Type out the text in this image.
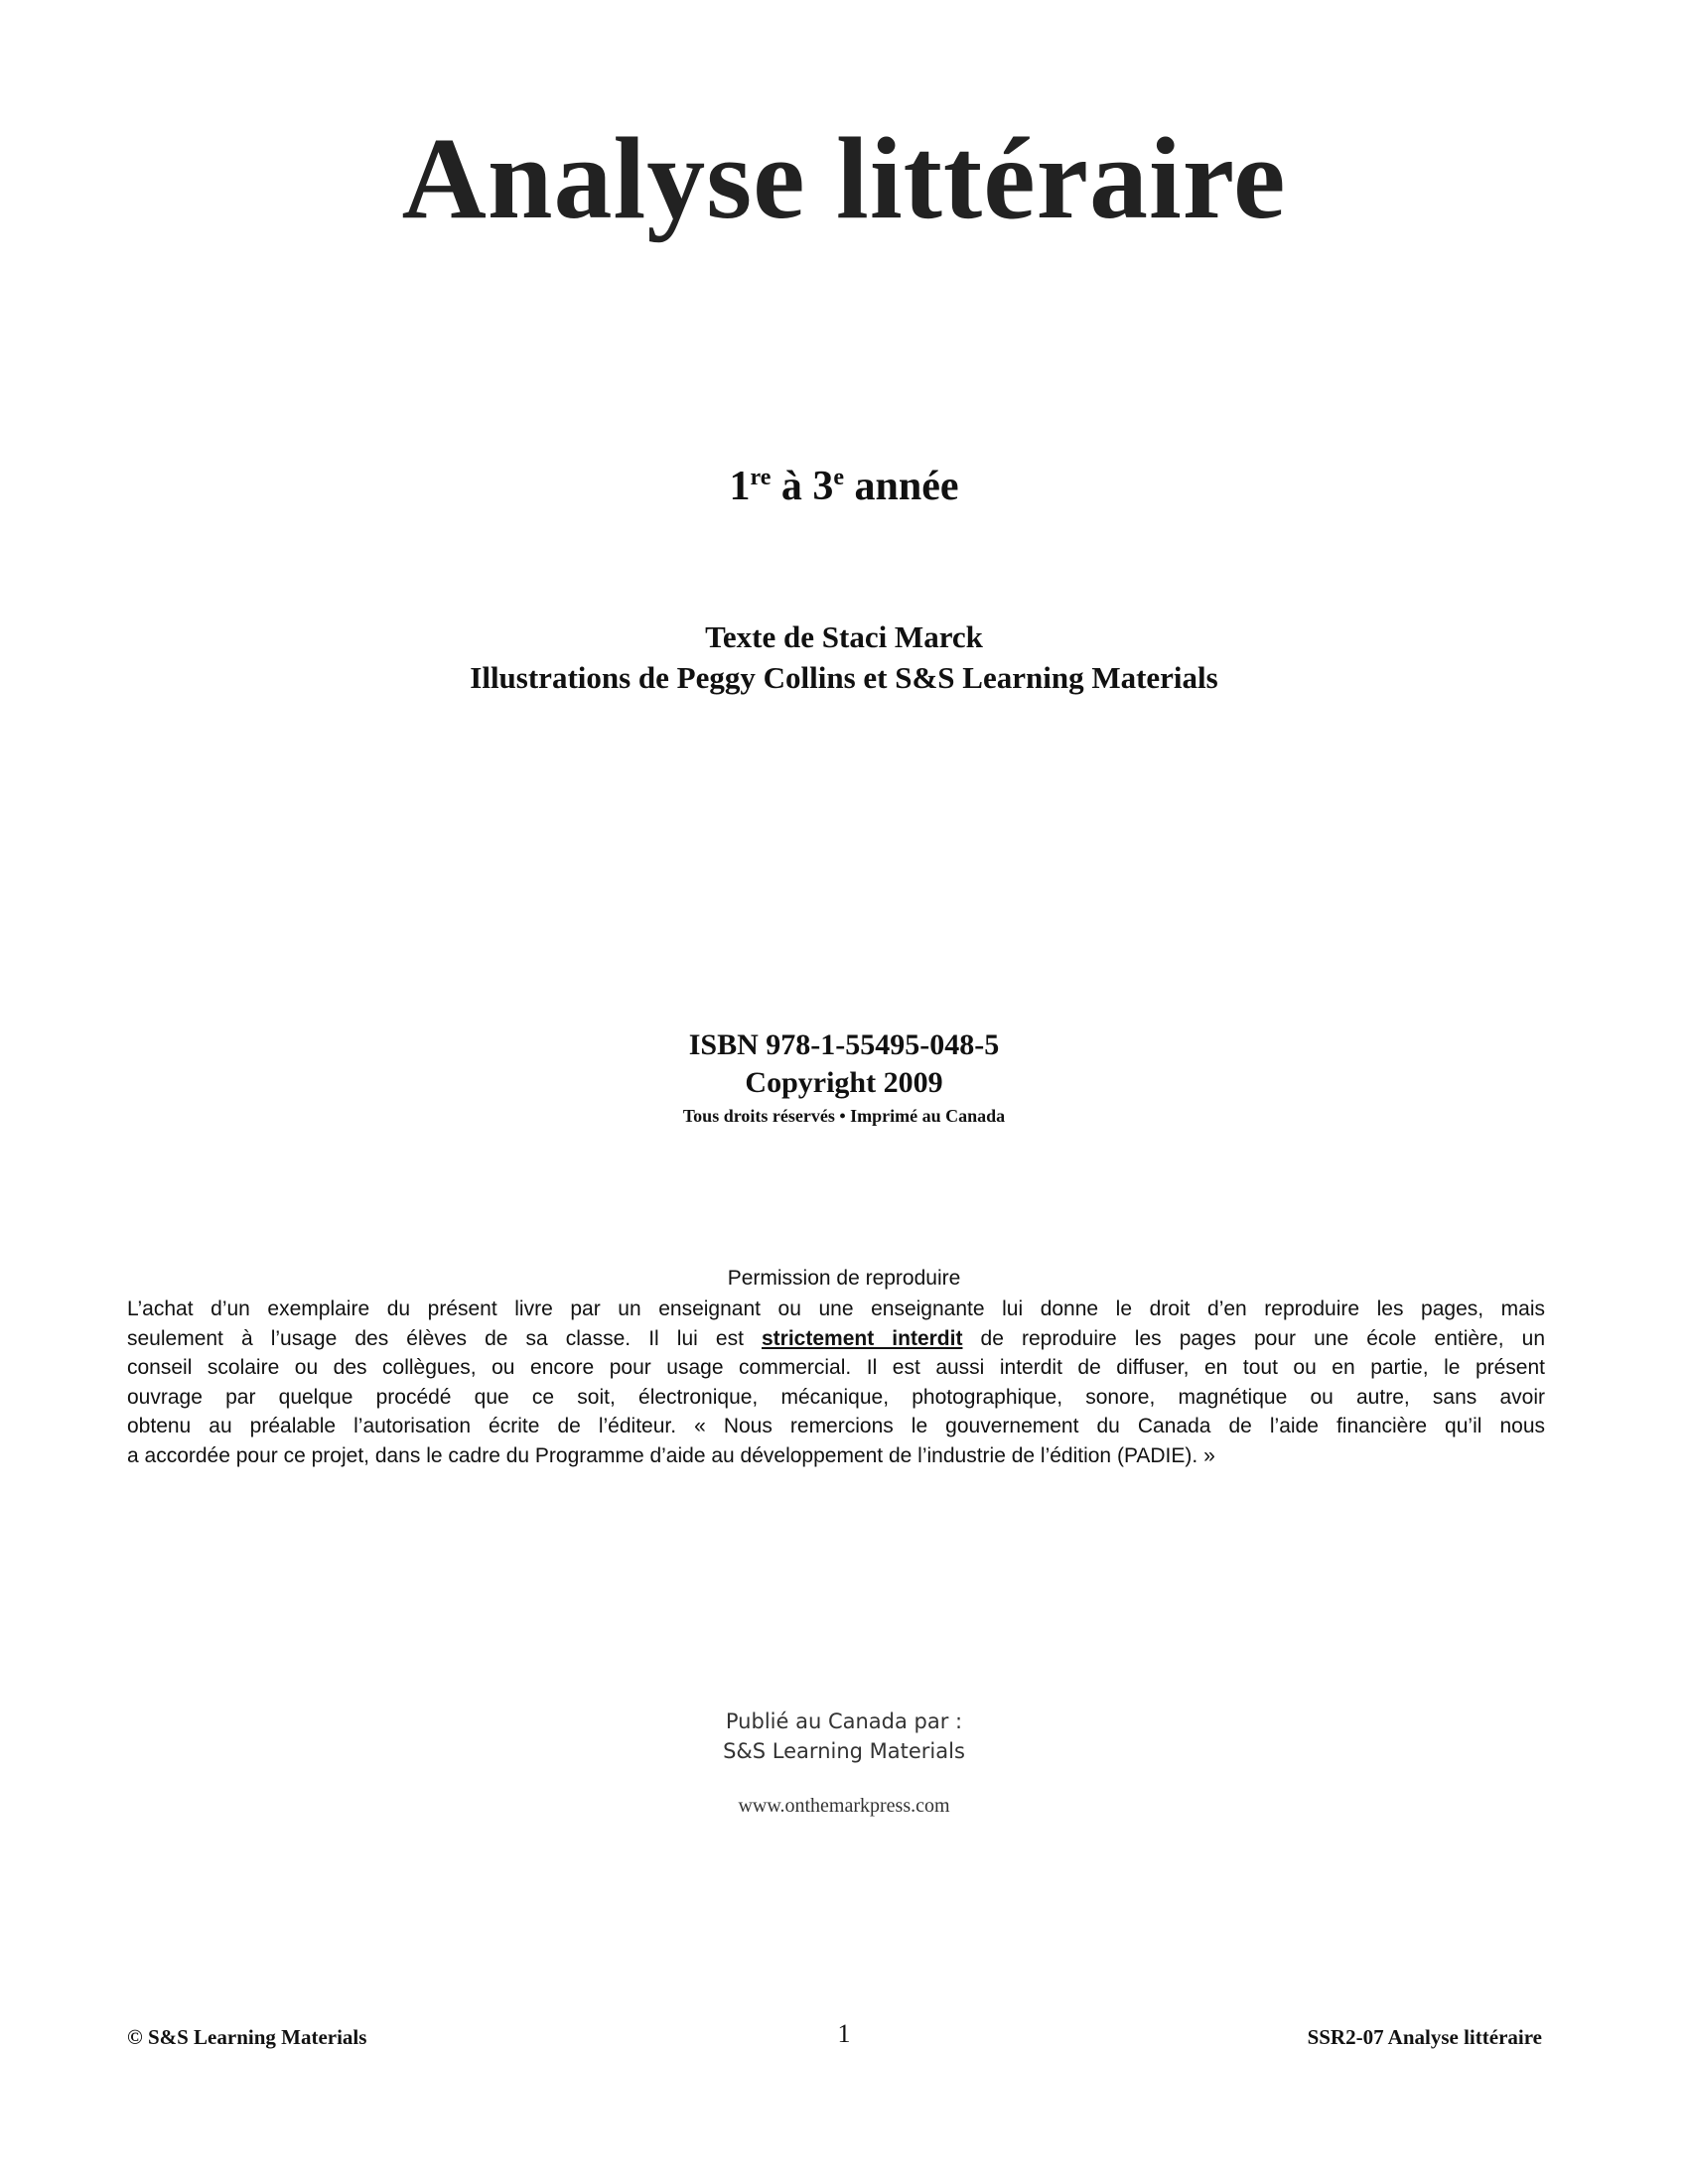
Analyse littéraire
1re à 3e année
Texte de Staci Marck
Illustrations de Peggy Collins et S&S Learning Materials
ISBN 978-1-55495-048-5
Copyright 2009
Tous droits réservés • Imprimé au Canada
Permission de reproduire
L’achat d’un exemplaire du présent livre par un enseignant ou une enseignante lui donne le droit d’en reproduire les pages, mais
seulement à l’usage des élèves de sa classe. Il lui est strictement interdit de reproduire les pages pour une école entière, un
conseil scolaire ou des collègues, ou encore pour usage commercial. Il est aussi interdit de diffuser, en tout ou en partie, le présent
ouvrage par quelque procédé que ce soit, électronique, mécanique, photographique, sonore, magnétique ou autre, sans avoir
obtenu au préalable l’autorisation écrite de l’éditeur. « Nous remercions le gouvernement du Canada de l’aide financière qu’il nous
a accordée pour ce projet, dans le cadre du Programme d’aide au développement de l’industrie de l’édition (PADIE). »
Publié au Canada par :
S&S Learning Materials
www.onthemarkpress.com
© S&S Learning Materials	1	SSR2-07 Analyse littéraire
